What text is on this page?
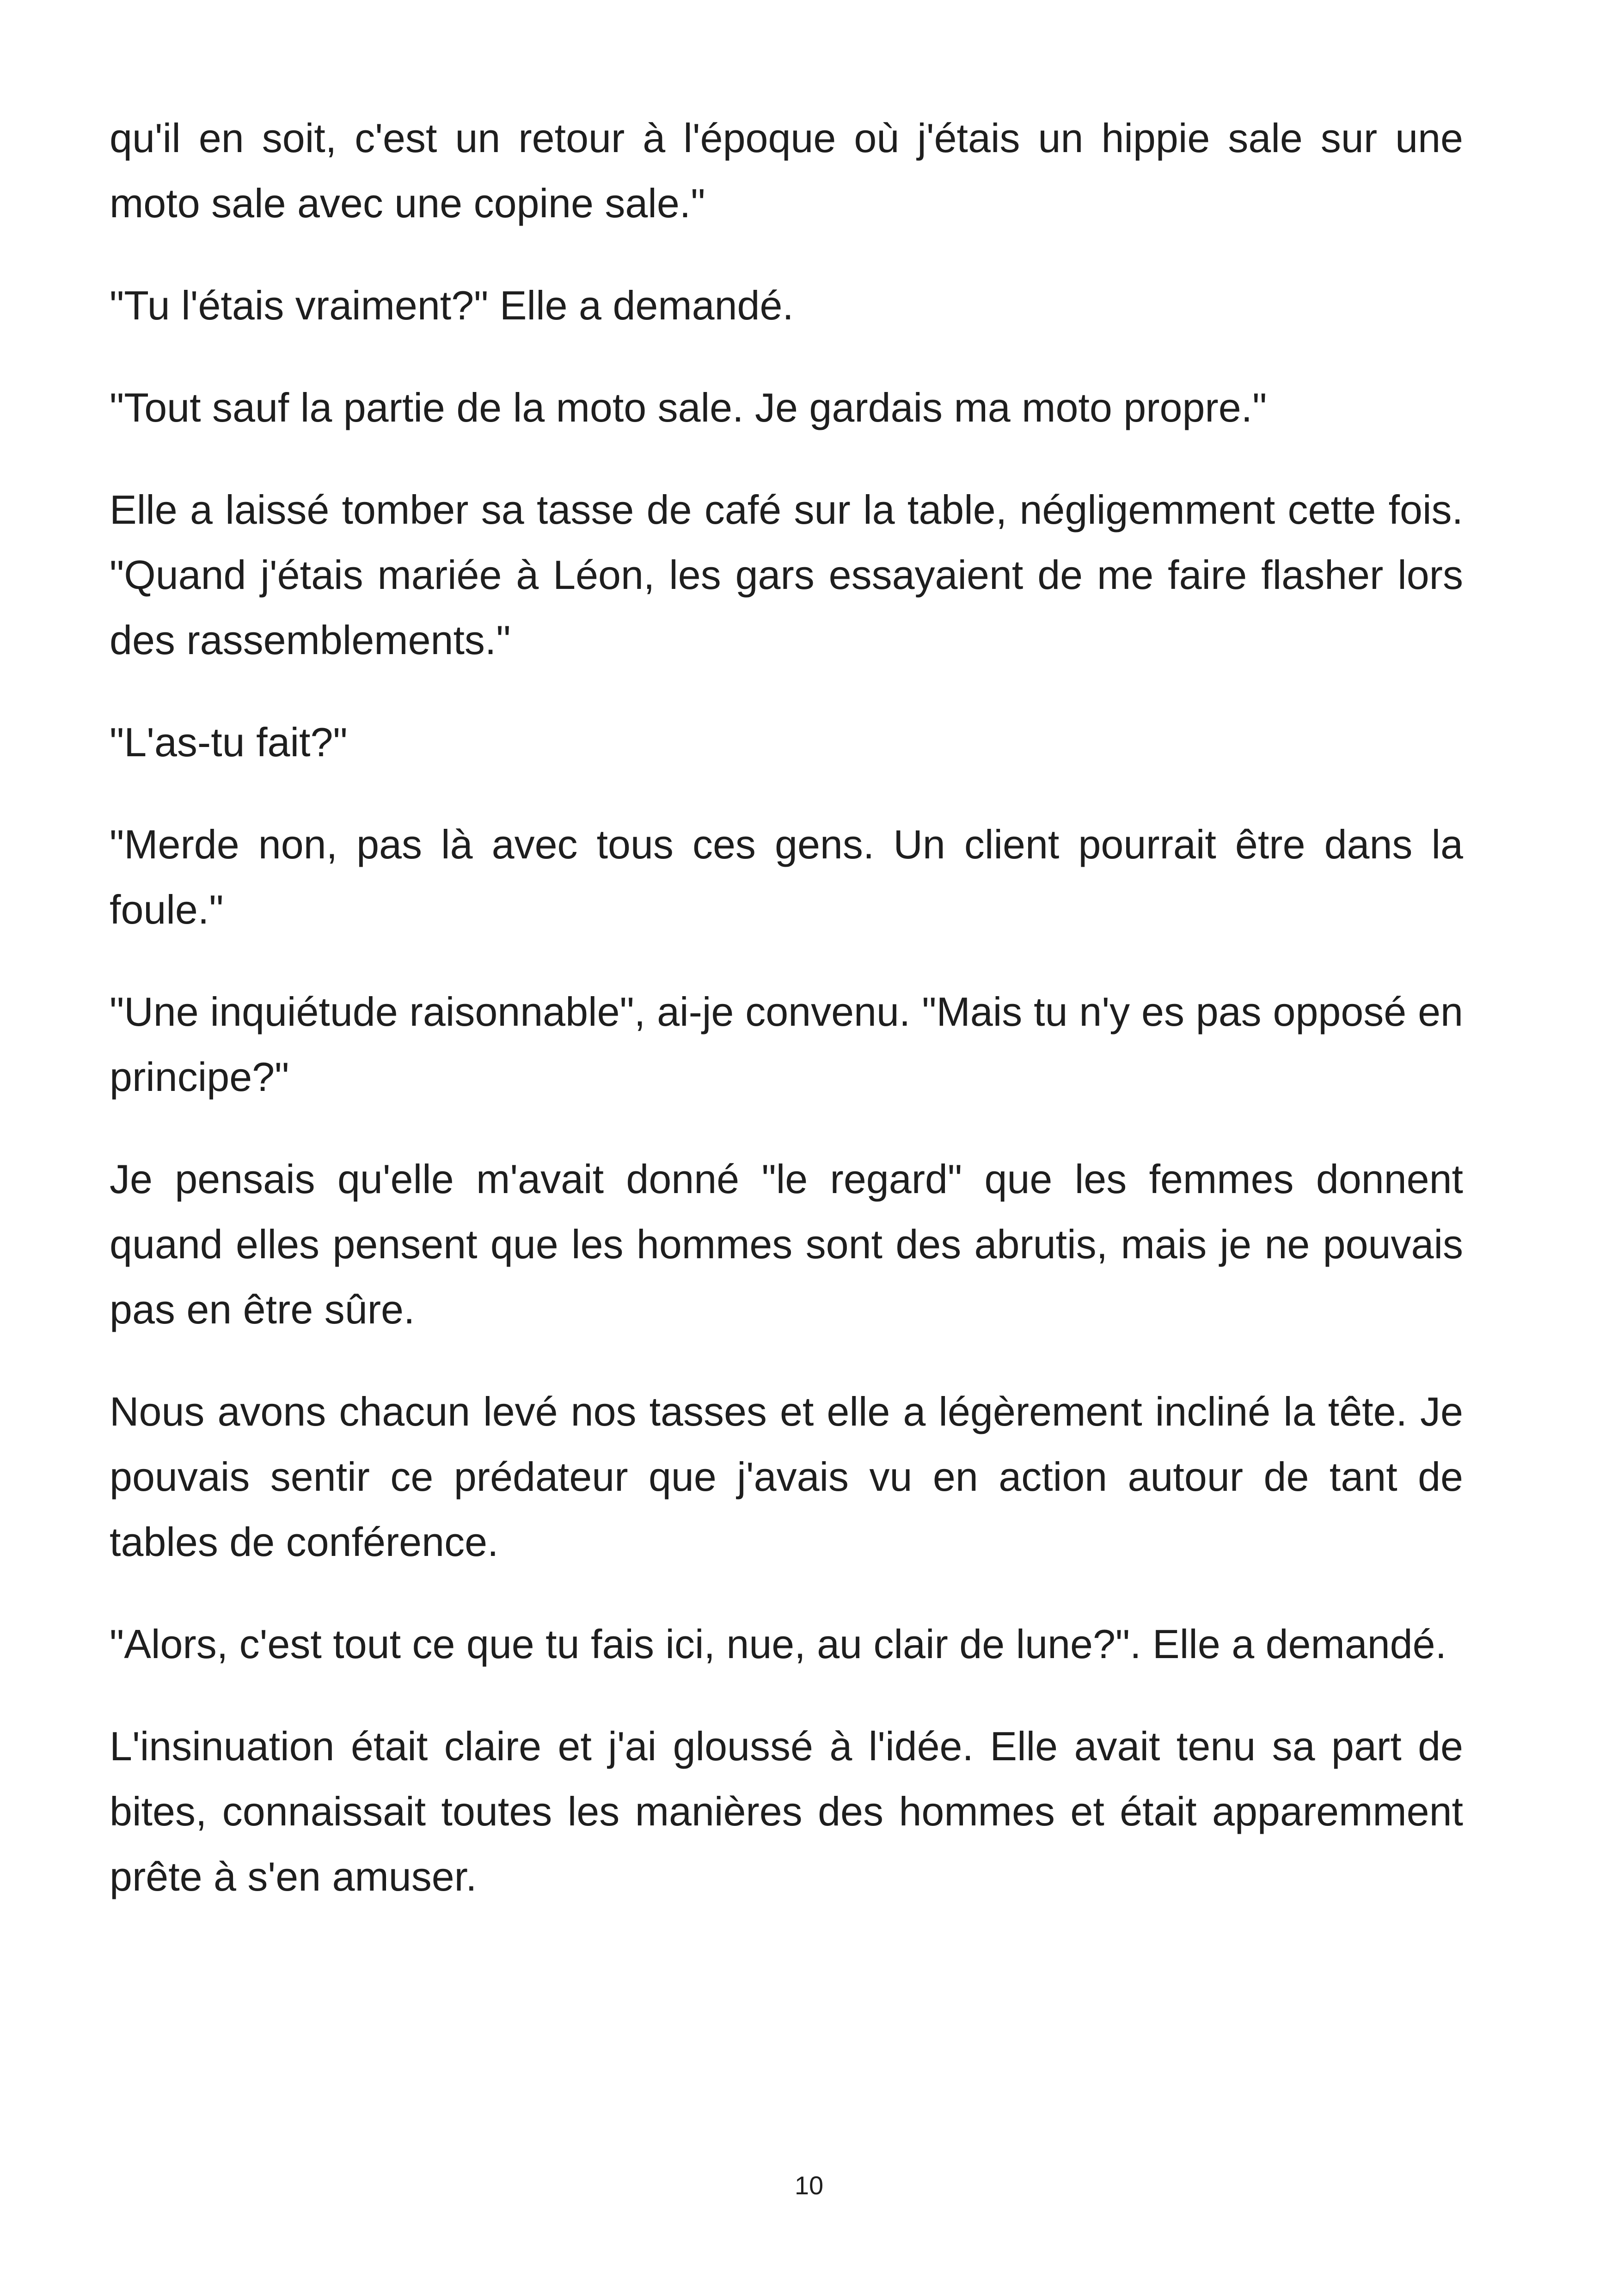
qu'il en soit, c'est un retour à l'époque où j'étais un hippie sale sur une moto sale avec une copine sale."

"Tu l'étais vraiment?" Elle a demandé.

"Tout sauf la partie de la moto sale. Je gardais ma moto propre."

Elle a laissé tomber sa tasse de café sur la table, négligemment cette fois. "Quand j'étais mariée à Léon, les gars essayaient de me faire flasher lors des rassemblements."

"L'as-tu fait?"

"Merde non, pas là avec tous ces gens. Un client pourrait être dans la foule."

"Une inquiétude raisonnable", ai-je convenu. "Mais tu n'y es pas opposé en principe?"

Je pensais qu'elle m'avait donné "le regard" que les femmes donnent quand elles pensent que les hommes sont des abrutis, mais je ne pouvais pas en être sûre.

Nous avons chacun levé nos tasses et elle a légèrement incliné la tête. Je pouvais sentir ce prédateur que j'avais vu en action autour de tant de tables de conférence.

"Alors, c'est tout ce que tu fais ici, nue, au clair de lune?". Elle a demandé.

L'insinuation était claire et j'ai gloussé à l'idée. Elle avait tenu sa part de bites, connaissait toutes les manières des hommes et était apparemment prête à s'en amuser.

10
